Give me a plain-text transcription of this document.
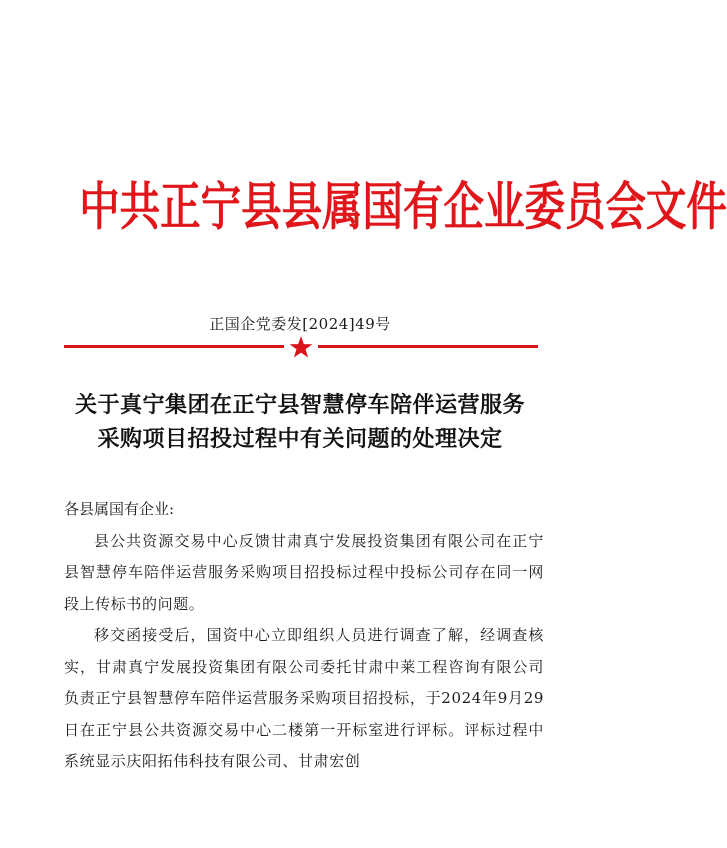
中共正宁县县属国有企业委员会文件
正国企党委发[2024]49号
关于真宁集团在正宁县智慧停车陪伴运营服务
采购项目招投过程中有关问题的处理决定

各县属国有企业:

县公共资源交易中心反馈甘肃真宁发展投资集团有限公司在正宁县智慧停车陪伴运营服务采购项目招投标过程中投标公司存在同一网段上传标书的问题。

移交函接受后，国资中心立即组织人员进行调查了解，经调查核实，甘肃真宁发展投资集团有限公司委托甘肃中莱工程咨询有限公司负责正宁县智慧停车陪伴运营服务采购项目招投标，于2024年9月29日在正宁县公共资源交易中心二楼第一开标室进行评标。评标过程中系统显示庆阳拓伟科技有限公司、甘肃宏创
